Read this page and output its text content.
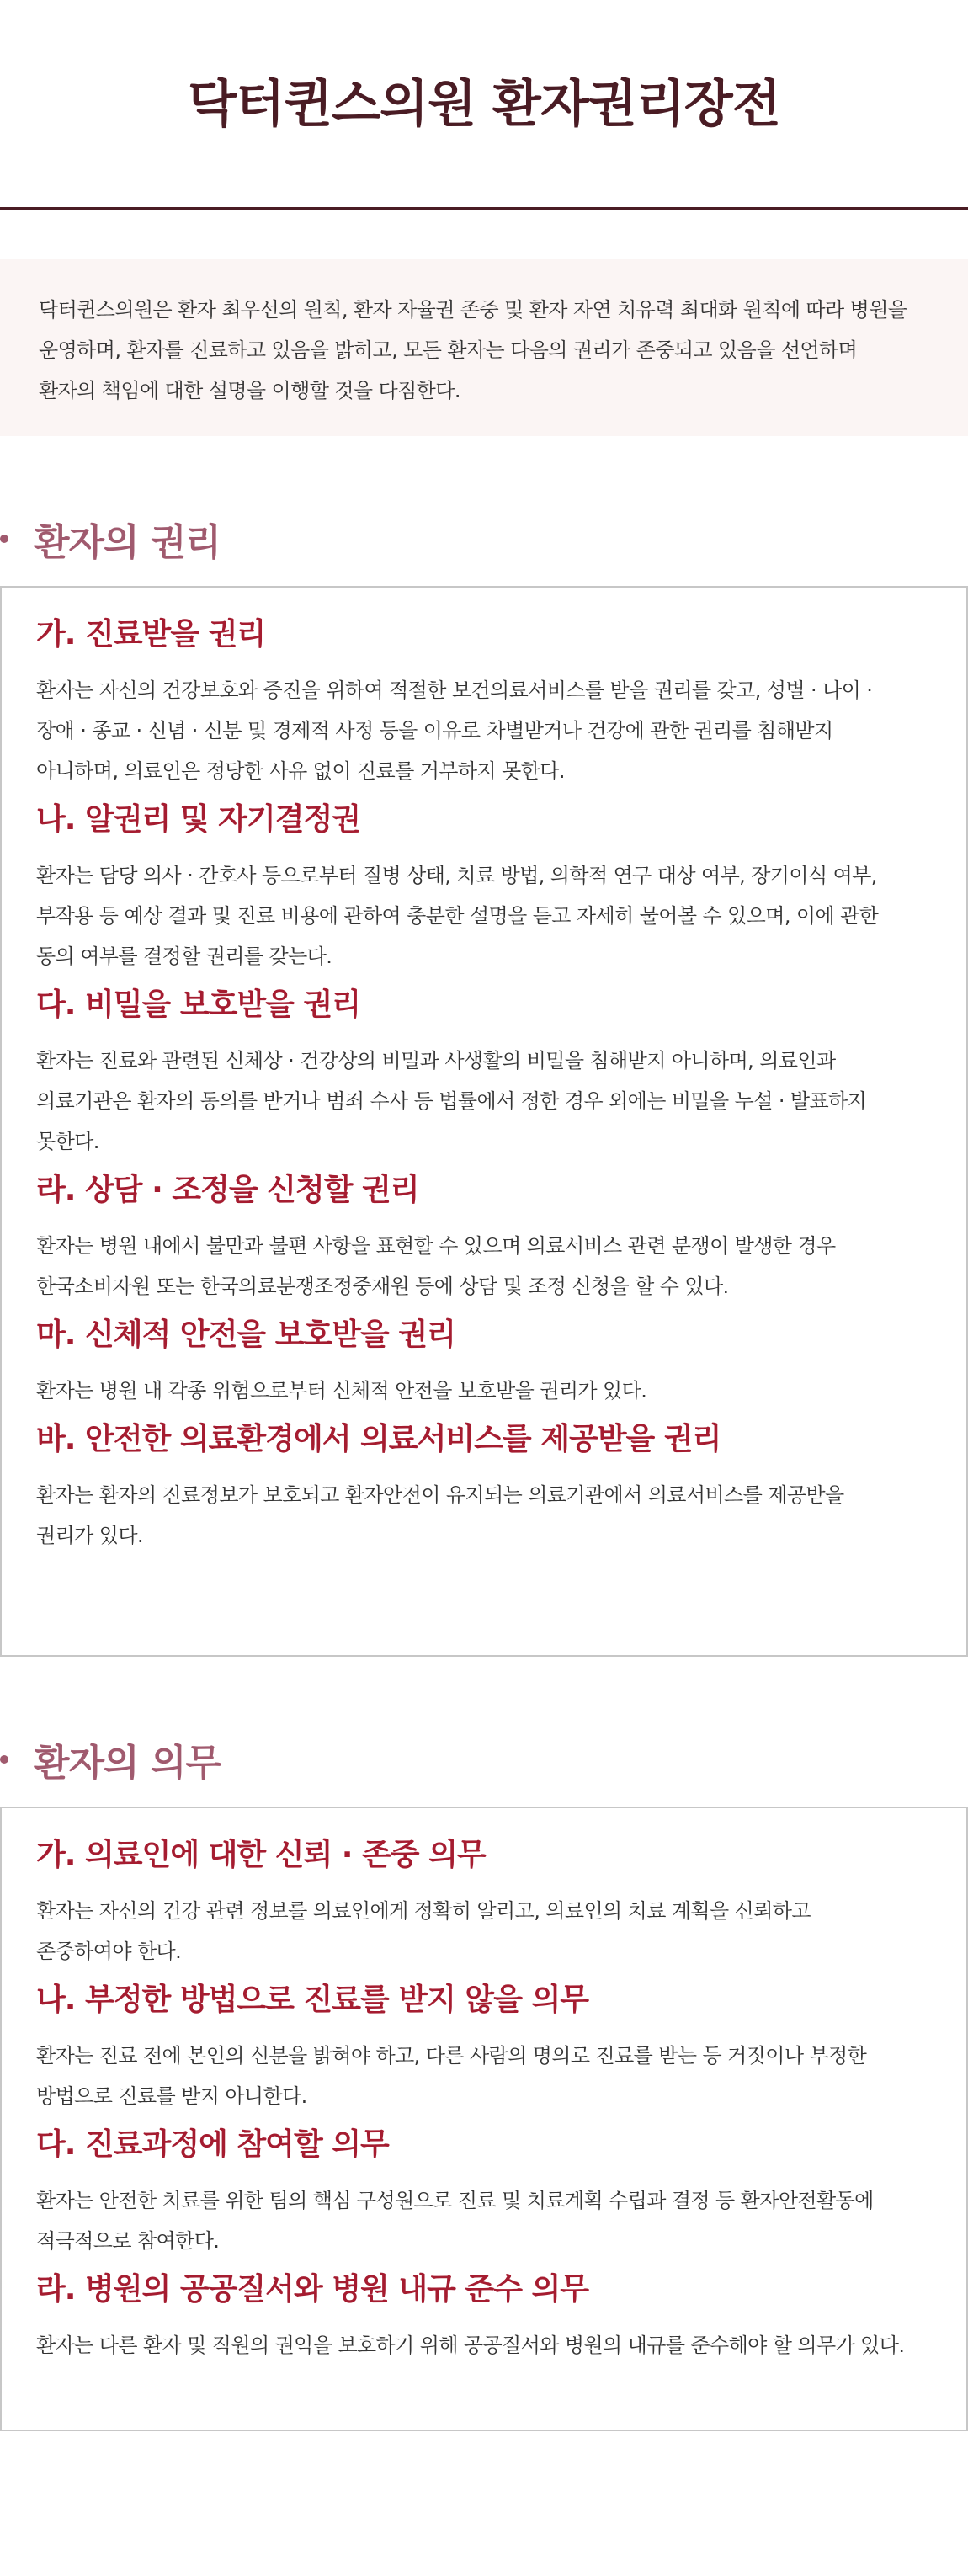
닥터퀸스의원 환자권리장전

닥터퀸스의원은 환자 최우선의 원칙, 환자 자율권 존중 및 환자 자연 치유력 최대화 원칙에 따라 병원을

운영하며, 환자를 진료하고 있음을 밝히고, 모든 환자는 다음의 권리가 존중되고 있음을 선언하며

환자의 책임에 대한 설명을 이행할 것을 다짐한다.

환자의 권리
가. 진료받을 권리

환자는 자신의 건강보호와 증진을 위하여 적절한 보건의료서비스를 받을 권리를 갖고, 성별 · 나이 ·

장애 · 종교 · 신념 · 신분 및 경제적 사정 등을 이유로 차별받거나 건강에 관한 권리를 침해받지

아니하며, 의료인은 정당한 사유 없이 진료를 거부하지 못한다.

나. 알권리 및 자기결정권

환자는 담당 의사 · 간호사 등으로부터 질병 상태, 치료 방법, 의학적 연구 대상 여부, 장기이식 여부,

부작용 등 예상 결과 및 진료 비용에 관하여 충분한 설명을 듣고 자세히 물어볼 수 있으며, 이에 관한

동의 여부를 결정할 권리를 갖는다.

다. 비밀을 보호받을 권리

환자는 진료와 관련된 신체상 · 건강상의 비밀과 사생활의 비밀을 침해받지 아니하며, 의료인과

의료기관은 환자의 동의를 받거나 범죄 수사 등 법률에서 정한 경우 외에는 비밀을 누설 · 발표하지

못한다.

라. 상담 · 조정을 신청할 권리

환자는 병원 내에서 불만과 불편 사항을 표현할 수 있으며 의료서비스 관련 분쟁이 발생한 경우

한국소비자원 또는 한국의료분쟁조정중재원 등에 상담 및 조정 신청을 할 수 있다.

마. 신체적 안전을 보호받을 권리

환자는 병원 내 각종 위험으로부터 신체적 안전을 보호받을 권리가 있다.

바. 안전한 의료환경에서 의료서비스를 제공받을 권리

환자는 환자의 진료정보가 보호되고 환자안전이 유지되는 의료기관에서 의료서비스를 제공받을

권리가 있다.

환자의 의무
가. 의료인에 대한 신뢰 · 존중 의무

환자는 자신의 건강 관련 정보를 의료인에게 정확히 알리고, 의료인의 치료 계획을 신뢰하고

존중하여야 한다.

나. 부정한 방법으로 진료를 받지 않을 의무

환자는 진료 전에 본인의 신분을 밝혀야 하고, 다른 사람의 명의로 진료를 받는 등 거짓이나 부정한

방법으로 진료를 받지 아니한다.

다. 진료과정에 참여할 의무

환자는 안전한 치료를 위한 팀의 핵심 구성원으로 진료 및 치료계획 수립과 결정 등 환자안전활동에

적극적으로 참여한다.

라. 병원의 공공질서와 병원 내규 준수 의무

환자는 다른 환자 및 직원의 권익을 보호하기 위해 공공질서와 병원의 내규를 준수해야 할 의무가 있다.
